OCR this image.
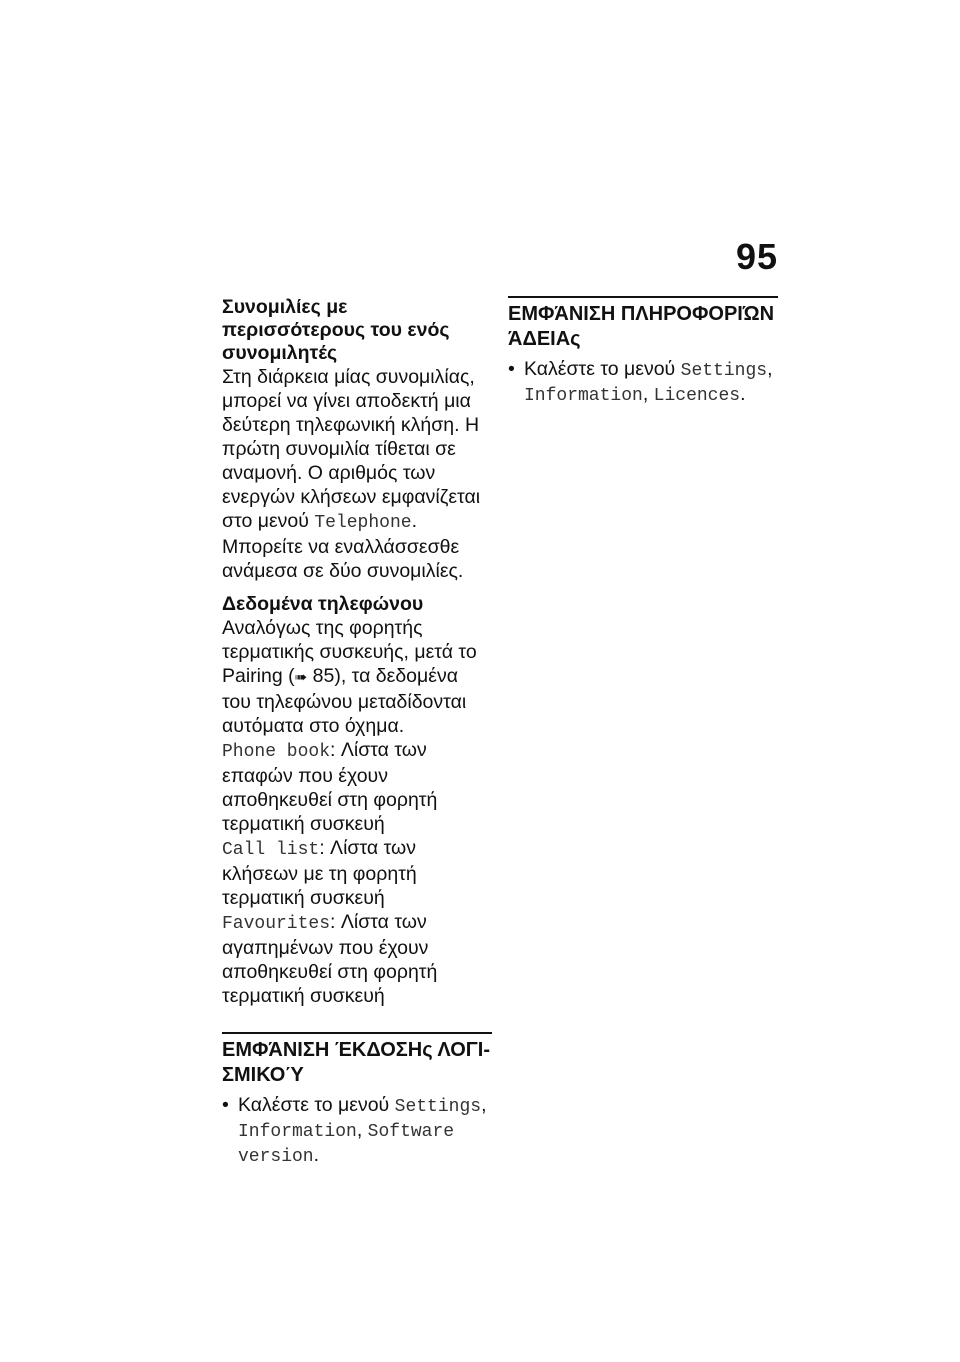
95

Συνομιλίες με
περισσότερους του ενός
συνομιλητές

Στη διάρκεια μίας συνομιλίας, μπορεί να γίνει αποδεκτή μια δεύτερη τηλεφωνική κλήση. Η πρώτη συνομιλία τίθεται σε αναμονή. Ο αριθμός των ενεργών κλήσεων εμφανίζεται στο μενού Telephone. Μπορείτε να εναλλάσσεσθε ανάμεσα σε δύο συνομιλίες.

Δεδομένα τηλεφώνου

Αναλόγως της φορητής τερματικής συσκευής, μετά το Pairing (➠ 85), τα δεδομένα του τηλεφώνου μεταδίδονται αυτόματα στο όχημα.

Phone book: Λίστα των επαφών που έχουν αποθηκευθεί στη φορητή τερματική συσκευή

Call list: Λίστα των κλήσεων με τη φορητή τερματική συσκευή

Favourites: Λίστα των αγαπημένων που έχουν αποθηκευθεί στη φορητή τερματική συσκευή

ΕΜΦΆΝΙΣΗ ΈΚΔΟΣΗς ΛΟΓΙ-
ΣΜΙΚΟΎ

• Καλέστε το μενού Settings, Information, Software version.

ΕΜΦΆΝΙΣΗ ΠΛΗΡΟΦΟΡΙΏΝ
ΆΔΕΙΑς

• Καλέστε το μενού Settings, Information, Licences.
